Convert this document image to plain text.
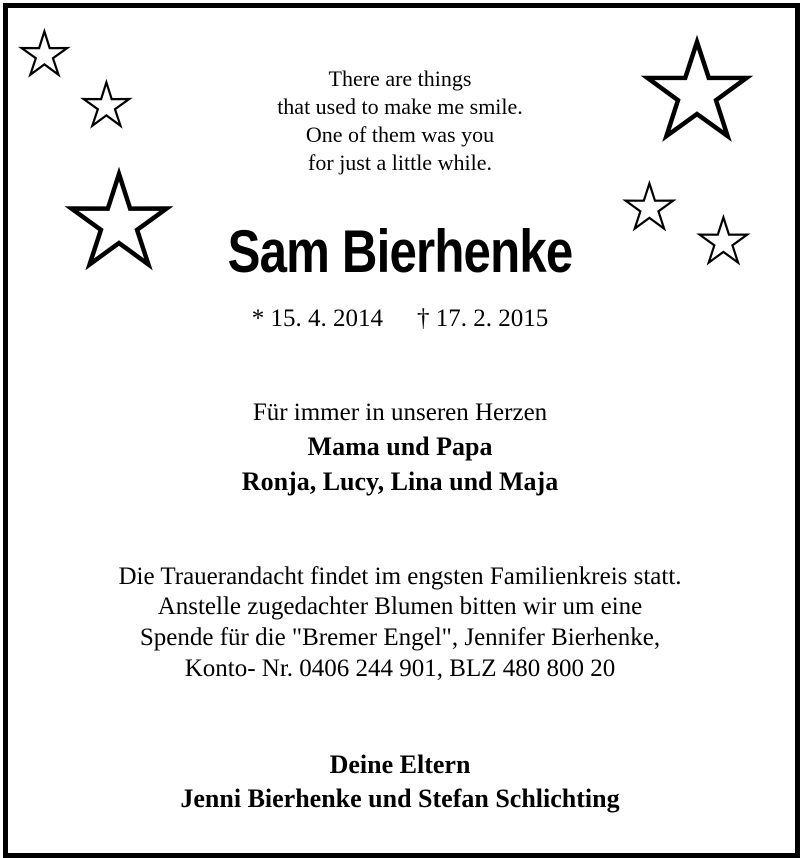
There are things
that used to make me smile.
One of them was you
for just a little while.
Sam Bierhenke
* 15. 4. 2014 † 17. 2. 2015
Für immer in unseren Herzen
Mama und Papa
Ronja, Lucy, Lina und Maja
Die Trauerandacht findet im engsten Familienkreis statt.
Anstelle zugedachter Blumen bitten wir um eine
Spende für die "Bremer Engel", Jennifer Bierhenke,
Konto- Nr. 0406 244 901, BLZ 480 800 20
Deine Eltern
Jenni Bierhenke und Stefan Schlichting
